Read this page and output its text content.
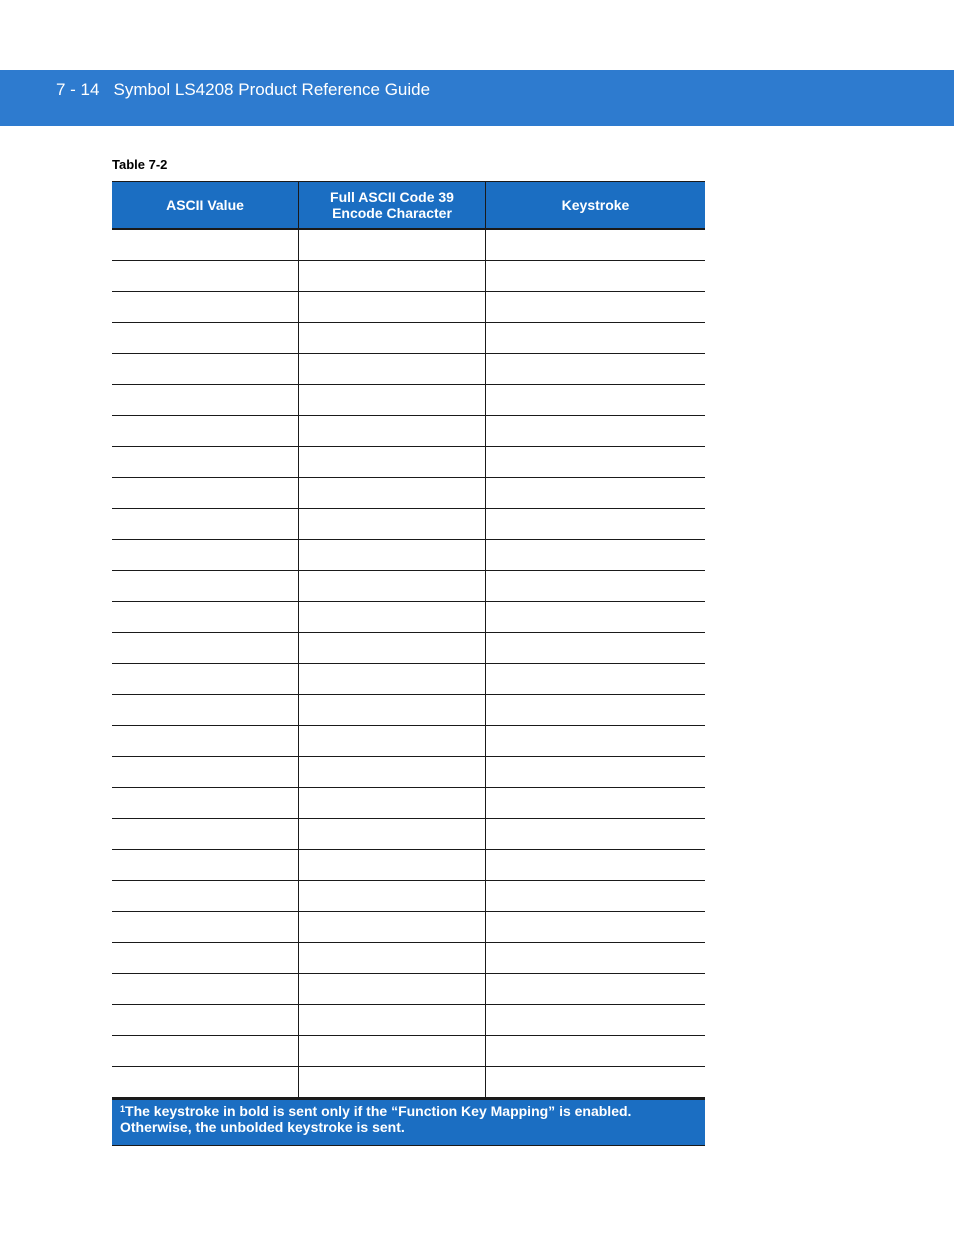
7 - 14 Symbol LS4208 Product Reference Guide
Table 7-2
ASCII Value	Full ASCII Code 39
Encode Character	Keystroke
$^1$The keystroke in bold is sent only if the “Function Key Mapping” is enabled.
Otherwise, the unbolded keystroke is sent.
